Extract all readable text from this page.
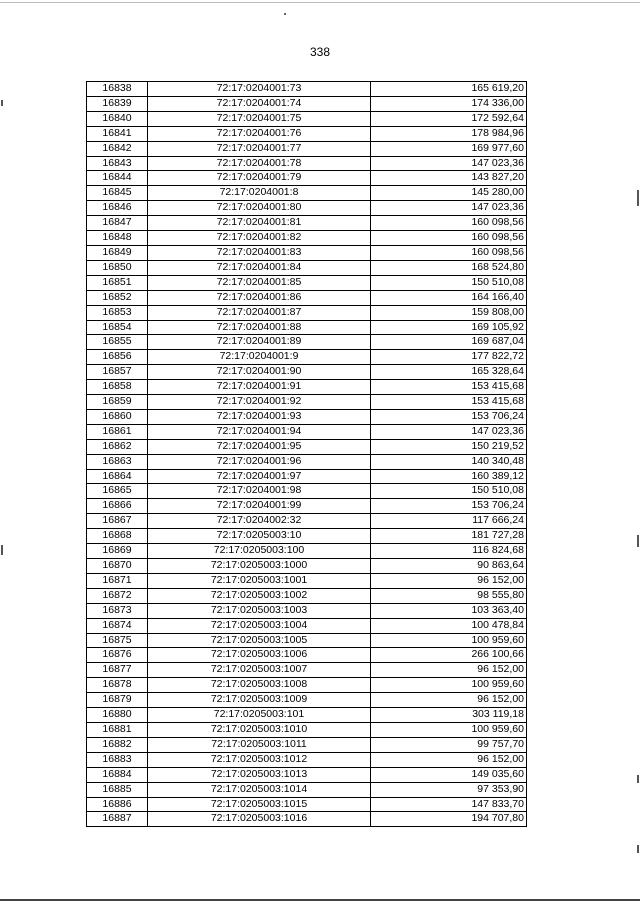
338
16838	72:17:0204001:73	165 619,20
16839	72:17:0204001:74	174 336,00
16840	72:17:0204001:75	172 592,64
16841	72:17:0204001:76	178 984,96
16842	72:17:0204001:77	169 977,60
16843	72:17:0204001:78	147 023,36
16844	72:17:0204001:79	143 827,20
16845	72:17:0204001:8	145 280,00
16846	72:17:0204001:80	147 023,36
16847	72:17:0204001:81	160 098,56
16848	72:17:0204001:82	160 098,56
16849	72:17:0204001:83	160 098,56
16850	72:17:0204001:84	168 524,80
16851	72:17:0204001:85	150 510,08
16852	72:17:0204001:86	164 166,40
16853	72:17:0204001:87	159 808,00
16854	72:17:0204001:88	169 105,92
16855	72:17:0204001:89	169 687,04
16856	72:17:0204001:9	177 822,72
16857	72:17:0204001:90	165 328,64
16858	72:17:0204001:91	153 415,68
16859	72:17:0204001:92	153 415,68
16860	72:17:0204001:93	153 706,24
16861	72:17:0204001:94	147 023,36
16862	72:17:0204001:95	150 219,52
16863	72:17:0204001:96	140 340,48
16864	72:17:0204001:97	160 389,12
16865	72:17:0204001:98	150 510,08
16866	72:17:0204001:99	153 706,24
16867	72:17:0204002:32	117 666,24
16868	72:17:0205003:10	181 727,28
16869	72:17:0205003:100	116 824,68
16870	72:17:0205003:1000	90 863,64
16871	72:17:0205003:1001	96 152,00
16872	72:17:0205003:1002	98 555,80
16873	72:17:0205003:1003	103 363,40
16874	72:17:0205003:1004	100 478,84
16875	72:17:0205003:1005	100 959,60
16876	72:17:0205003:1006	266 100,66
16877	72:17:0205003:1007	96 152,00
16878	72:17:0205003:1008	100 959,60
16879	72:17:0205003:1009	96 152,00
16880	72:17:0205003:101	303 119,18
16881	72:17:0205003:1010	100 959,60
16882	72:17:0205003:1011	99 757,70
16883	72:17:0205003:1012	96 152,00
16884	72:17:0205003:1013	149 035,60
16885	72:17:0205003:1014	97 353,90
16886	72:17:0205003:1015	147 833,70
16887	72:17:0205003:1016	194 707,80
